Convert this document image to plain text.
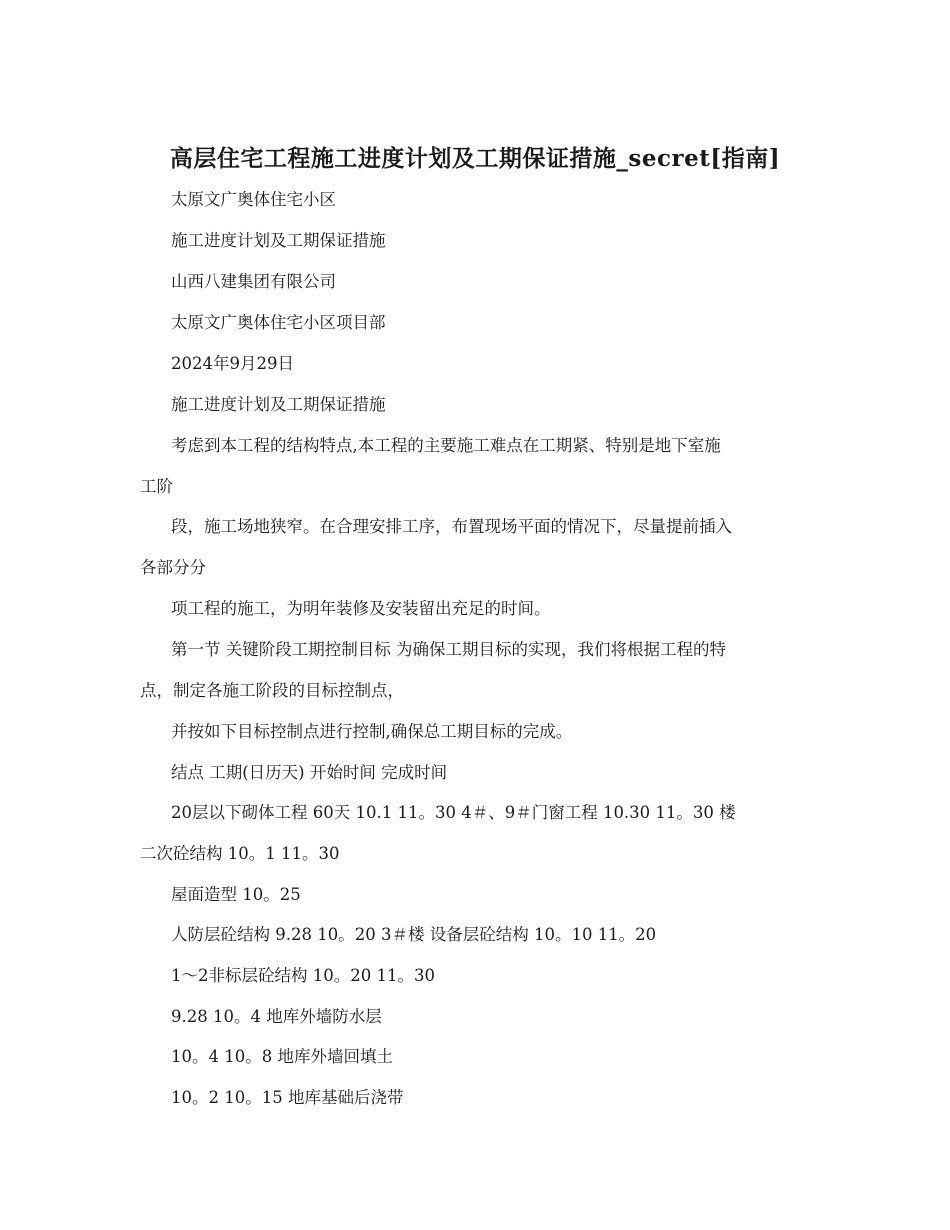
高层住宅工程施工进度计划及工期保证措施_secret[指南]
太原文广奥体住宅小区
施工进度计划及工期保证措施
山西八建集团有限公司
太原文广奥体住宅小区项目部
2024年9月29日
施工进度计划及工期保证措施
考虑到本工程的结构特点,本工程的主要施工难点在工期紧、特别是地下室施
工阶
段，施工场地狭窄。在合理安排工序，布置现场平面的情况下，尽量提前插入
各部分分
项工程的施工，为明年装修及安装留出充足的时间。
第一节 关键阶段工期控制目标 为确保工期目标的实现，我们将根据工程的特
点，制定各施工阶段的目标控制点，
并按如下目标控制点进行控制,确保总工期目标的完成。
结点 工期(日历天) 开始时间 完成时间
20层以下砌体工程 60天 10.1 11。30 4＃、9＃门窗工程 10.30 11。30 楼
二次砼结构 10。1 11。30
屋面造型 10。25
人防层砼结构 9.28 10。20 3＃楼 设备层砼结构 10。10 11。20
1～2非标层砼结构 10。20 11。30
9.28 10。4 地库外墙防水层
10。4 10。8 地库外墙回填土
10。2 10。15 地库基础后浇带
